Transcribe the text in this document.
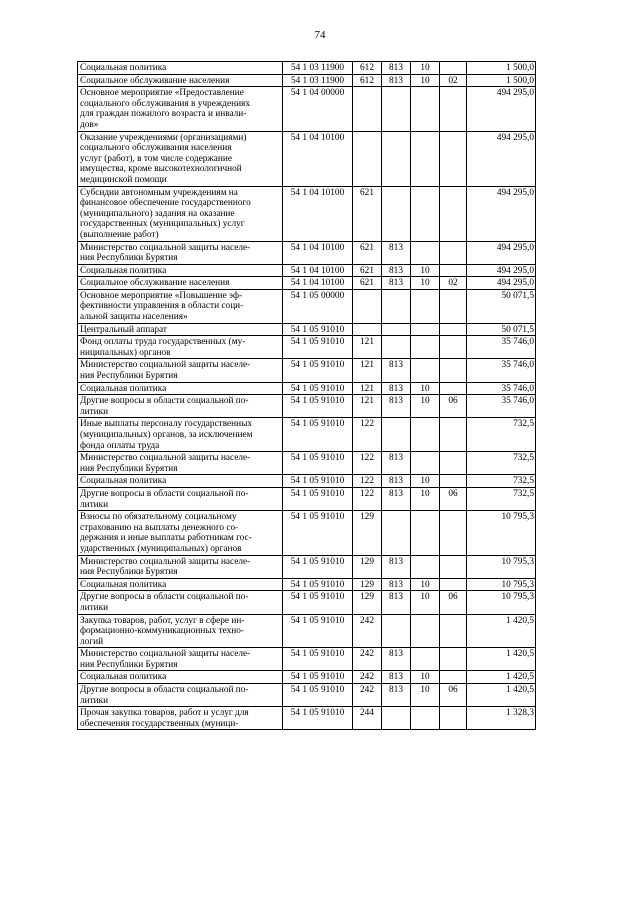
74
Социальная политика	54 1 03 11900	612	813	10		1 500,0
Социальное обслуживание населения	54 1 03 11900	612	813	10	02	1 500,0
Основное мероприятие «Предоставление
социального обслуживания в учреждениях
для граждан пожилого возраста и инвали-
дов»	54 1 04 00000					494 295,0
Оказание учреждениями (организациями)
социального обслуживания населения
услуг (работ), в том числе содержание
имущества, кроме высокотехнологичной
медицинской помощи	54 1 04 10100					494 295,0
Субсидии автономным учреждениям на
финансовое обеспечение государственного
(муниципального) задания на оказание
государственных (муниципальных) услуг
(выполнение работ)	54 1 04 10100	621				494 295,0
Министерство социальной защиты населе-
ния Республики Бурятия	54 1 04 10100	621	813			494 295,0
Социальная политика	54 1 04 10100	621	813	10		494 295,0
Социальное обслуживание населения	54 1 04 10100	621	813	10	02	494 295,0
Основное мероприятие «Повышение эф-
фективности управления в области соци-
альной защиты населения»	54 1 05 00000					50 071,5
Центральный аппарат	54 1 05 91010					50 071,5
Фонд оплаты труда государственных (му-
ниципальных) органов	54 1 05 91010	121				35 746,0
Министерство социальной защиты населе-
ния Республики Бурятия	54 1 05 91010	121	813			35 746,0
Социальная политика	54 1 05 91010	121	813	10		35 746,0
Другие вопросы в области социальной по-
литики	54 1 05 91010	121	813	10	06	35 746,0
Иные выплаты персоналу государственных
(муниципальных) органов, за исключением
фонда оплаты труда	54 1 05 91010	122				732,5
Министерство социальной защиты населе-
ния Республики Бурятия	54 1 05 91010	122	813			732,5
Социальная политика	54 1 05 91010	122	813	10		732,5
Другие вопросы в области социальной по-
литики	54 1 05 91010	122	813	10	06	732,5
Взносы по обязательному социальному
страхованию на выплаты денежного со-
держания и иные выплаты работникам гос-
ударственных (муниципальных) органов	54 1 05 91010	129				10 795,3
Министерство социальной защиты населе-
ния Республики Бурятия	54 1 05 91010	129	813			10 795,3
Социальная политика	54 1 05 91010	129	813	10		10 795,3
Другие вопросы в области социальной по-
литики	54 1 05 91010	129	813	10	06	10 795,3
Закупка товаров, работ, услуг в сфере ин-
формационно-коммуникационных техно-
логий	54 1 05 91010	242				1 420,5
Министерство социальной защиты населе-
ния Республики Бурятия	54 1 05 91010	242	813			1 420,5
Социальная политика	54 1 05 91010	242	813	10		1 420,5
Другие вопросы в области социальной по-
литики	54 1 05 91010	242	813	10	06	1 420,5
Прочая закупка товаров, работ и услуг для
обеспечения государственных (муници-	54 1 05 91010	244				1 328,3
